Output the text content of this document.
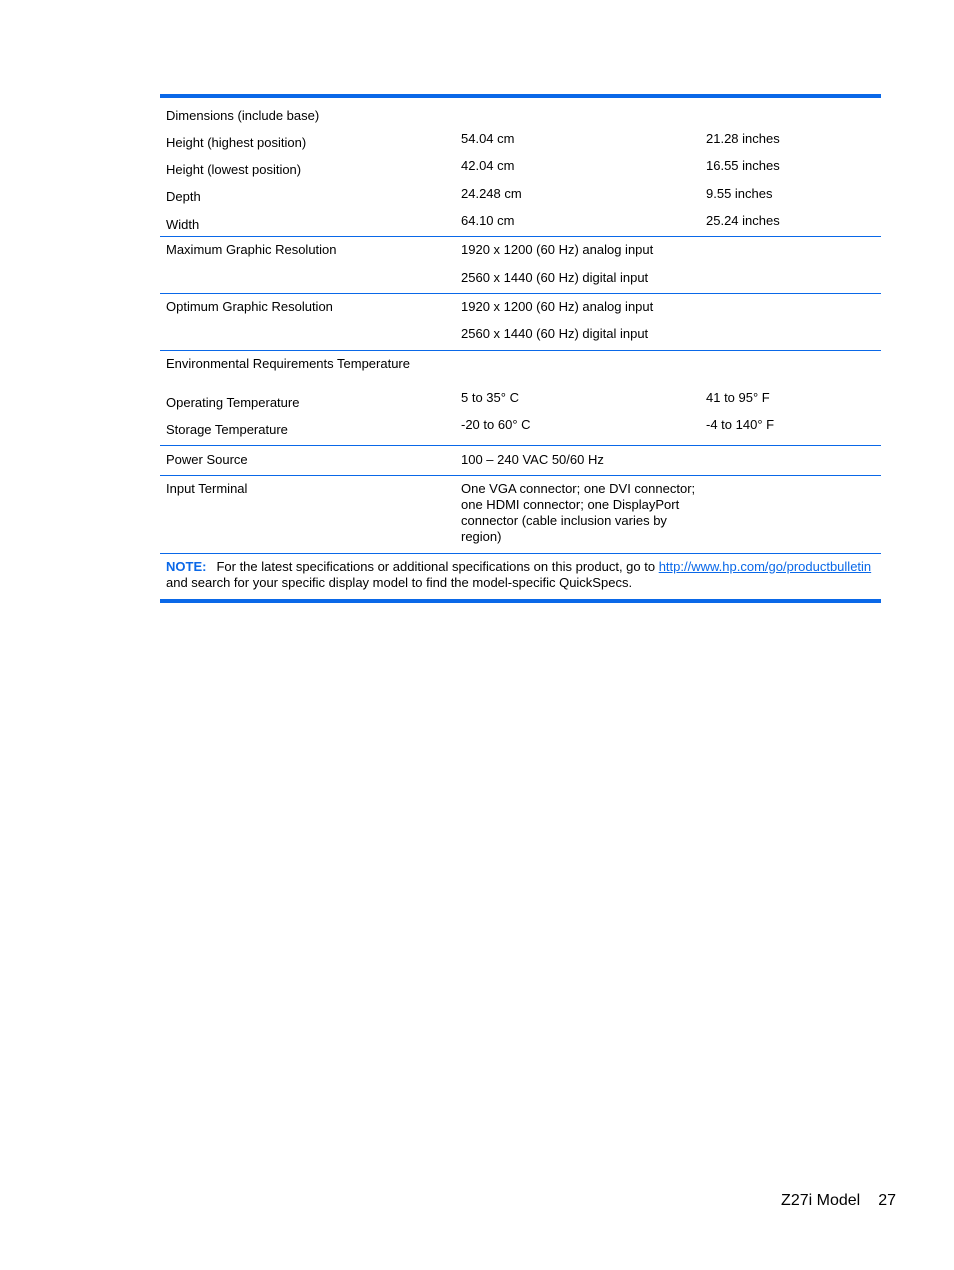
Dimensions (include base)
Height (highest position)	54.04 cm	21.28 inches
Height (lowest position)	42.04 cm	16.55 inches
Depth	24.248 cm	9.55 inches
Width	64.10 cm	25.24 inches
Maximum Graphic Resolution	1920 x 1200 (60 Hz) analog input
2560 x 1440 (60 Hz) digital input
Optimum Graphic Resolution	1920 x 1200 (60 Hz) analog input
2560 x 1440 (60 Hz) digital input
Environmental Requirements Temperature
Operating Temperature	5 to 35° C	41 to 95° F
Storage Temperature	-20 to 60° C	-4 to 140° F
Power Source	100 – 240 VAC 50/60 Hz
Input Terminal	One VGA connector; one DVI connector;
one HDMI connector; one DisplayPort
connector (cable inclusion varies by
region)
NOTE: For the latest specifications or additional specifications on this product, go to http://www.hp.com/go/productbulletin
and search for your specific display model to find the model-specific QuickSpecs.
Z27i Model 27
